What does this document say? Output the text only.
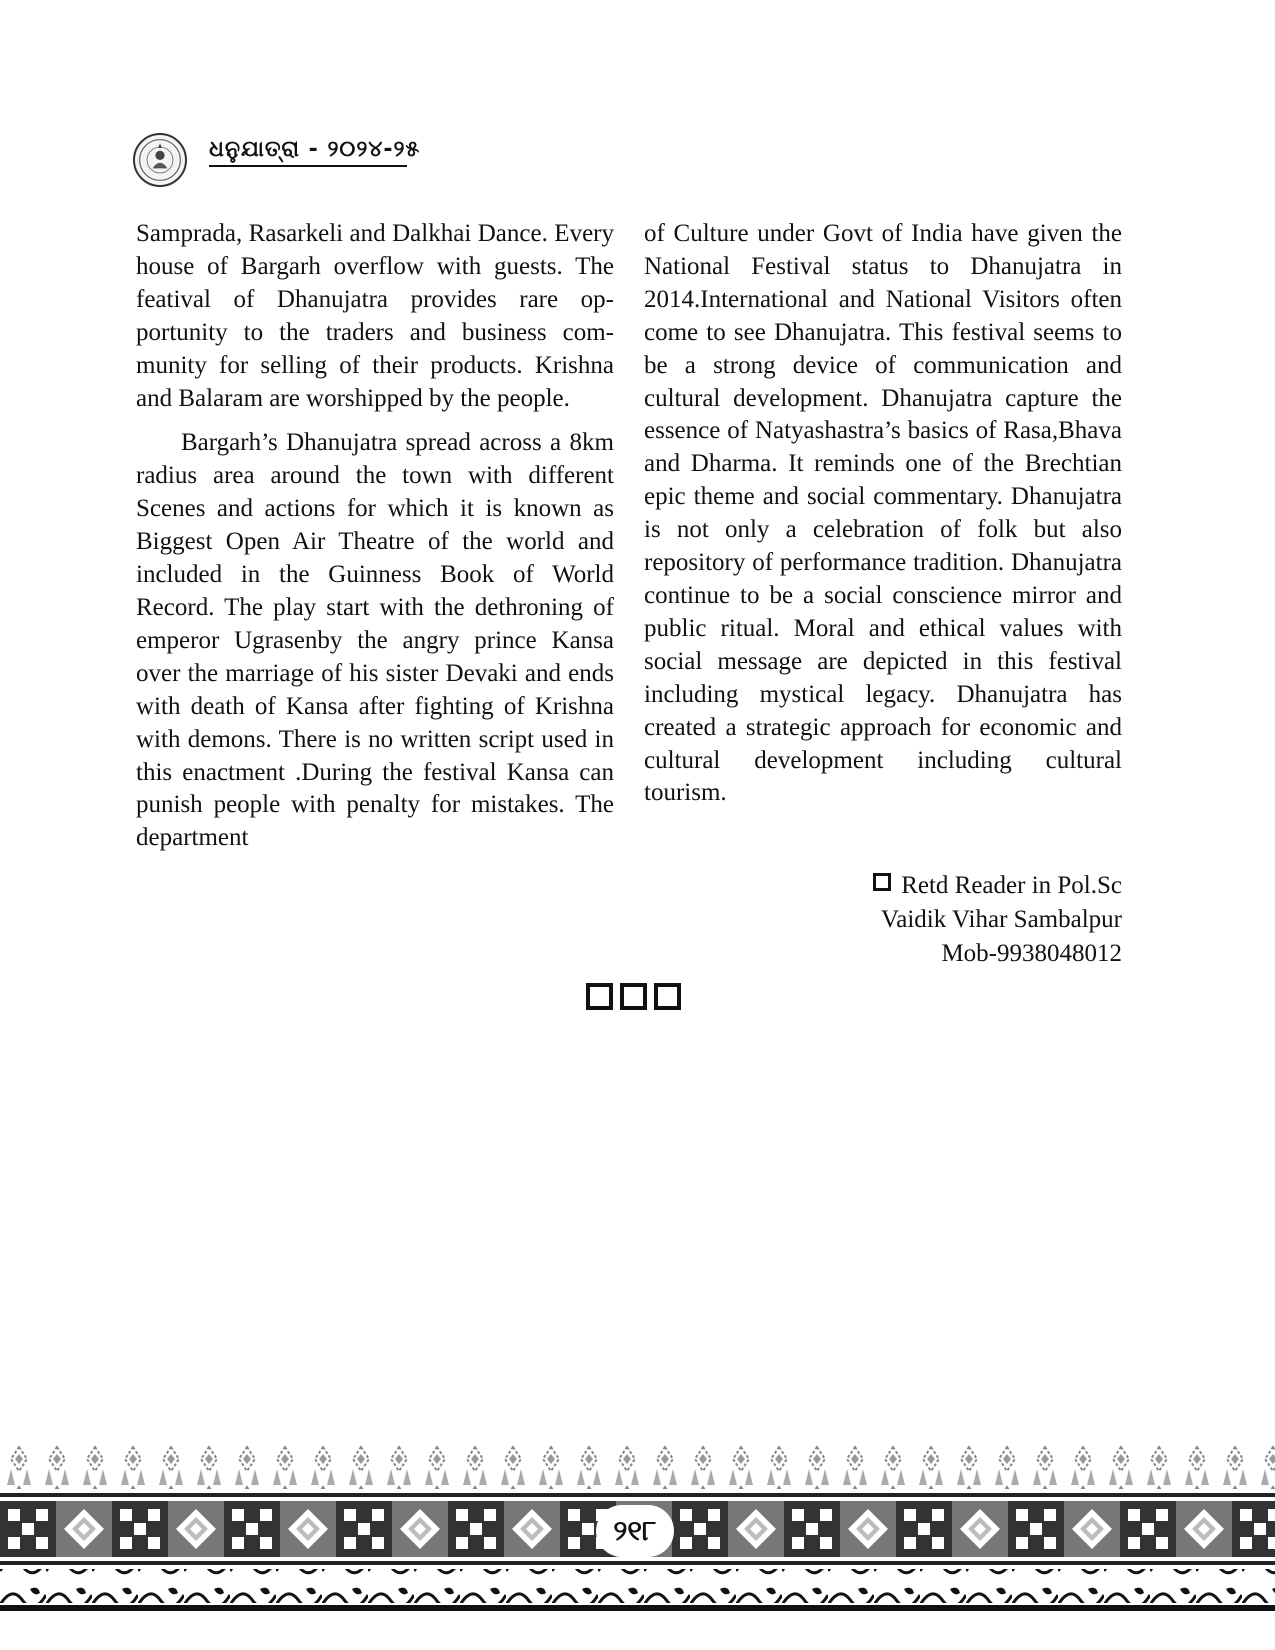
ଧନୁଯାତ୍ରା - ୨୦୨୪-୨୫

Samprada, Rasarkeli and Dalkhai Dance. Every house of Bargarh overflow with guests. The featival of Dhanujatra provides rare opportunity to the traders and business community for selling of their products. Krishna and Balaram are worshipped by the people.

Bargarh’s Dhanujatra spread across a 8km radius area around the town with different Scenes and actions for which it is known as Biggest Open Air Theatre of the world and included in the Guinness Book of World Record. The play start with the dethroning of emperor Ugrasenby the angry prince Kansa over the marriage of his sister Devaki and ends with death of Kansa after fighting of Krishna with demons. There is no written script used in this enactment .During the festival Kansa can punish people with penalty for mistakes. The department

of Culture under Govt of India have given the National Festival status to Dhanujatra in 2014.International and National Visitors often come to see Dhanujatra. This festival seems to be a strong device of communication and cultural development. Dhanujatra capture the essence of Natyashastra’s basics of Rasa,Bhava and Dharma. It reminds one of the Brechtian epic theme and social commentary. Dhanujatra is not only a celebration of folk but also repository of performance tradition. Dhanujatra continue to be a social conscience mirror and public ritual. Moral and ethical values with social message are depicted in this festival including mystical legacy. Dhanujatra has created a strategic approach for economic and cultural development including cultural tourism.

Retd Reader in Pol.Sc
Vaidik Vihar Sambalpur
Mob-9938048012
୨୧୮
